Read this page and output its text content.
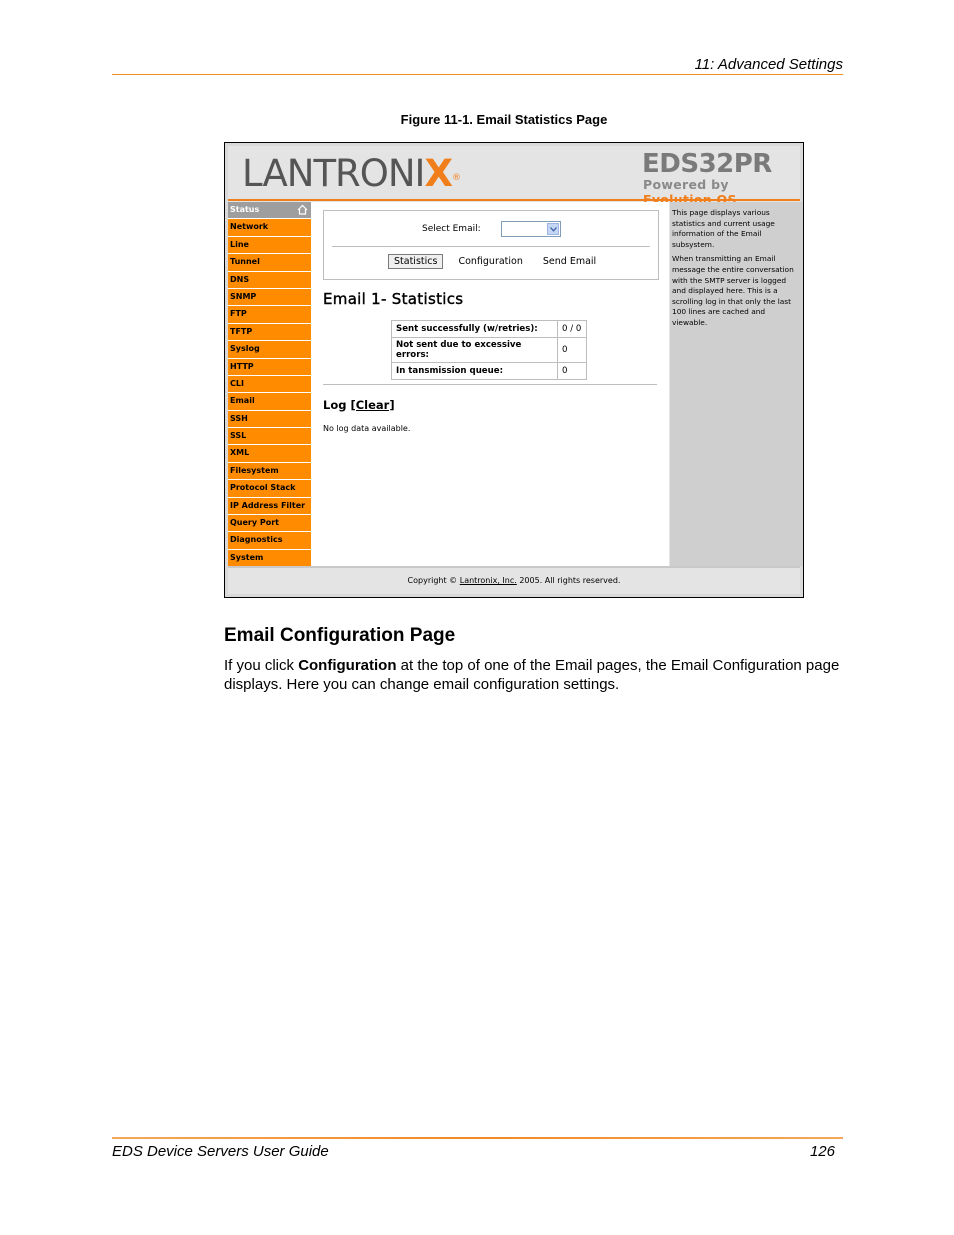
11: Advanced Settings
Figure 11-1. Email Statistics Page
LANTRONIX®	EDS32PR
Powered by
Status
Network
Line
Tunnel
DNS
SNMP
FTP
TFTP
Syslog
HTTP
CLI
Email
SSH
SSL
XML
Filesystem
Protocol Stack
IP Address Filter
Query Port
Diagnostics
System
Select Email:
Statistics	Configuration	Send Email
Email 1- Statistics
Sent successfully (w/retries):	0 / 0
Not sent due to excessive errors:	0
In tansmission queue:	0
Log [Clear]
No log data available.

This page displays various statistics and current usage information of the Email subsystem.

When transmitting an Email message the entire conversation with the SMTP server is logged and displayed here. This is a scrolling log in that only the last 100 lines are cached and viewable.

Copyright © Lantronix, Inc. 2005. All rights reserved.
Email Configuration Page
If you click Configuration at the top of one of the Email pages, the Email Configuration page displays. Here you can change email configuration settings.
EDS Device Servers User Guide	126
